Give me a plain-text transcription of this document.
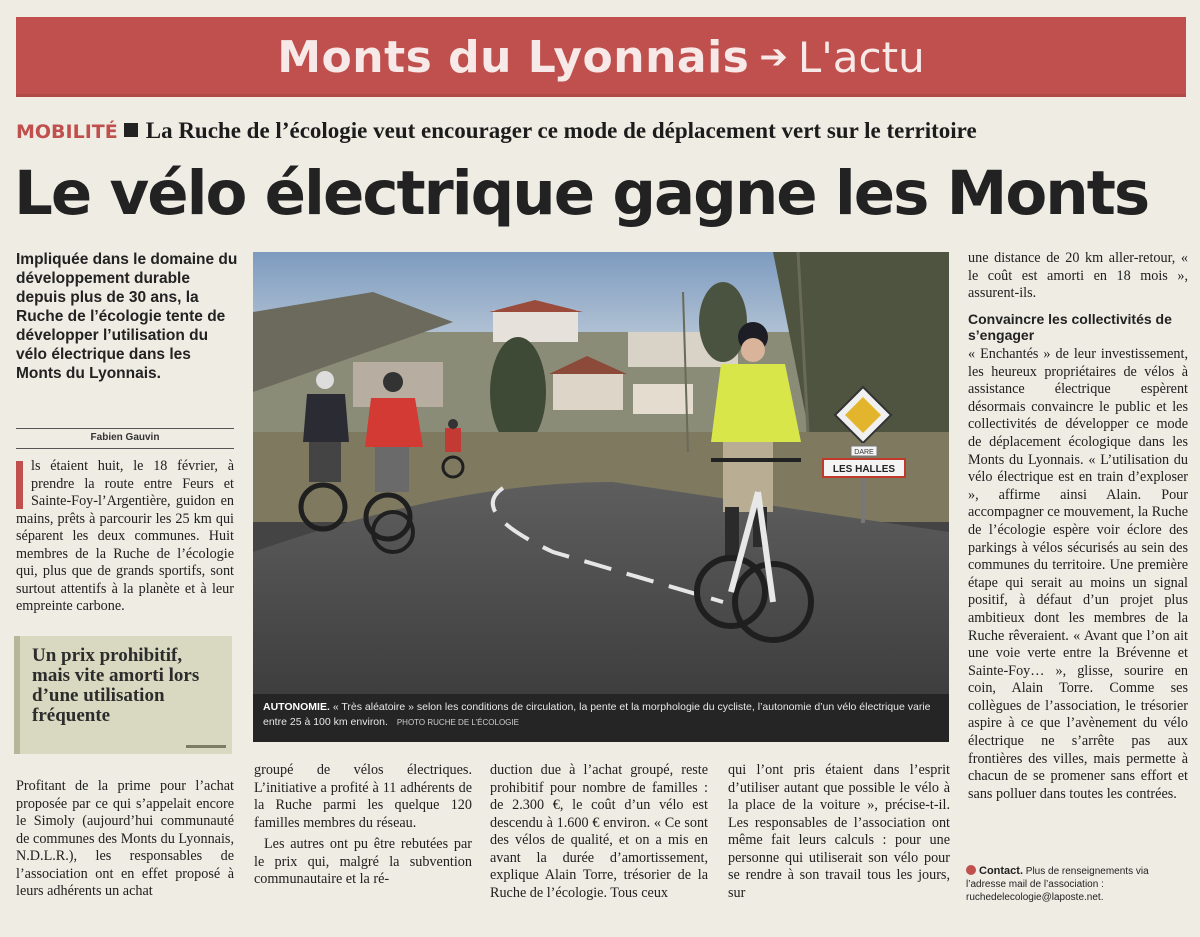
Monts du Lyonnais ➔ L'actu
MOBILITÉ La Ruche de l’écologie veut encourager ce mode de déplacement vert sur le territoire
Le vélo électrique gagne les Monts
Impliquée dans le domaine du développement durable depuis plus de 30 ans, la Ruche de l’écologie tente de développer l’utilisation du vélo électrique dans les Monts du Lyonnais.
Fabien Gauvin

ls étaient huit, le 18 février, à prendre la route entre Feurs et Sainte-Foy-l’Argentière, guidon en mains, prêts à parcourir les 25 km qui séparent les deux communes. Huit membres de la Ruche de l’écologie qui, plus que de grands sportifs, sont surtout attentifs à la planète et à leur empreinte carbone.

Un prix prohibitif, mais vite amorti lors d’une utilisation fréquente

Profitant de la prime pour l’achat proposée par ce qui s’appelait encore le Simoly (aujourd’hui communauté de communes des Monts du Lyonnais, N.D.L.R.), les responsables de l’association ont en effet proposé à leurs adhérents un achat

LES HALLES
DARE
AUTONOMIE. « Très aléatoire » selon les conditions de circulation, la pente et la morphologie du cycliste, l’autonomie d’un vélo électrique varie entre 25 à 100 km environ. PHOTO RUCHE DE L’ÉCOLOGIE

groupé de vélos électriques. L’initiative a profité à 11 adhérents de la Ruche parmi les quelque 120 familles membres du réseau.

Les autres ont pu être rebutées par le prix qui, malgré la subvention communautaire et la ré-

duction due à l’achat groupé, reste prohibitif pour nombre de familles : de 2.300 €, le coût d’un vélo est descendu à 1.600 € environ. « Ce sont des vélos de qualité, et on a mis en avant la durée d’amortissement, explique Alain Torre, trésorier de la Ruche de l’écologie. Tous ceux

qui l’ont pris étaient dans l’esprit d’utiliser autant que possible le vélo à la place de la voiture », précise-t-il. Les responsables de l’association ont même fait leurs calculs : pour une personne qui utiliserait son vélo pour se rendre à son travail tous les jours, sur

une distance de 20 km aller-retour, « le coût est amorti en 18 mois », assurent-ils.

Convaincre les collectivités de s’engager

« Enchantés » de leur investissement, les heureux propriétaires de vélos à assistance électrique espèrent désormais convaincre le public et les collectivités de développer ce mode de déplacement écologique dans les Monts du Lyonnais. « L’utilisation du vélo électrique est en train d’exploser », affirme ainsi Alain. Pour accompagner ce mouvement, la Ruche de l’écologie espère voir éclore des parkings à vélos sécurisés au sein des communes du territoire. Une première étape qui serait au moins un signal positif, à défaut d’un projet plus ambitieux dont les membres de la Ruche rêveraient. « Avant que l’on ait une voie verte entre la Brévenne et Sainte-Foy… », glisse, sourire en coin, Alain Torre. Comme ses collègues de l’association, le trésorier aspire à ce que l’avènement du vélo électrique ne s’arrête pas aux frontières des villes, mais permette à chacun de se promener sans effort et sans polluer dans toutes les contrées.

Contact. Plus de renseignements via l’adresse mail de l’association : ruchedelecologie@laposte.net.
